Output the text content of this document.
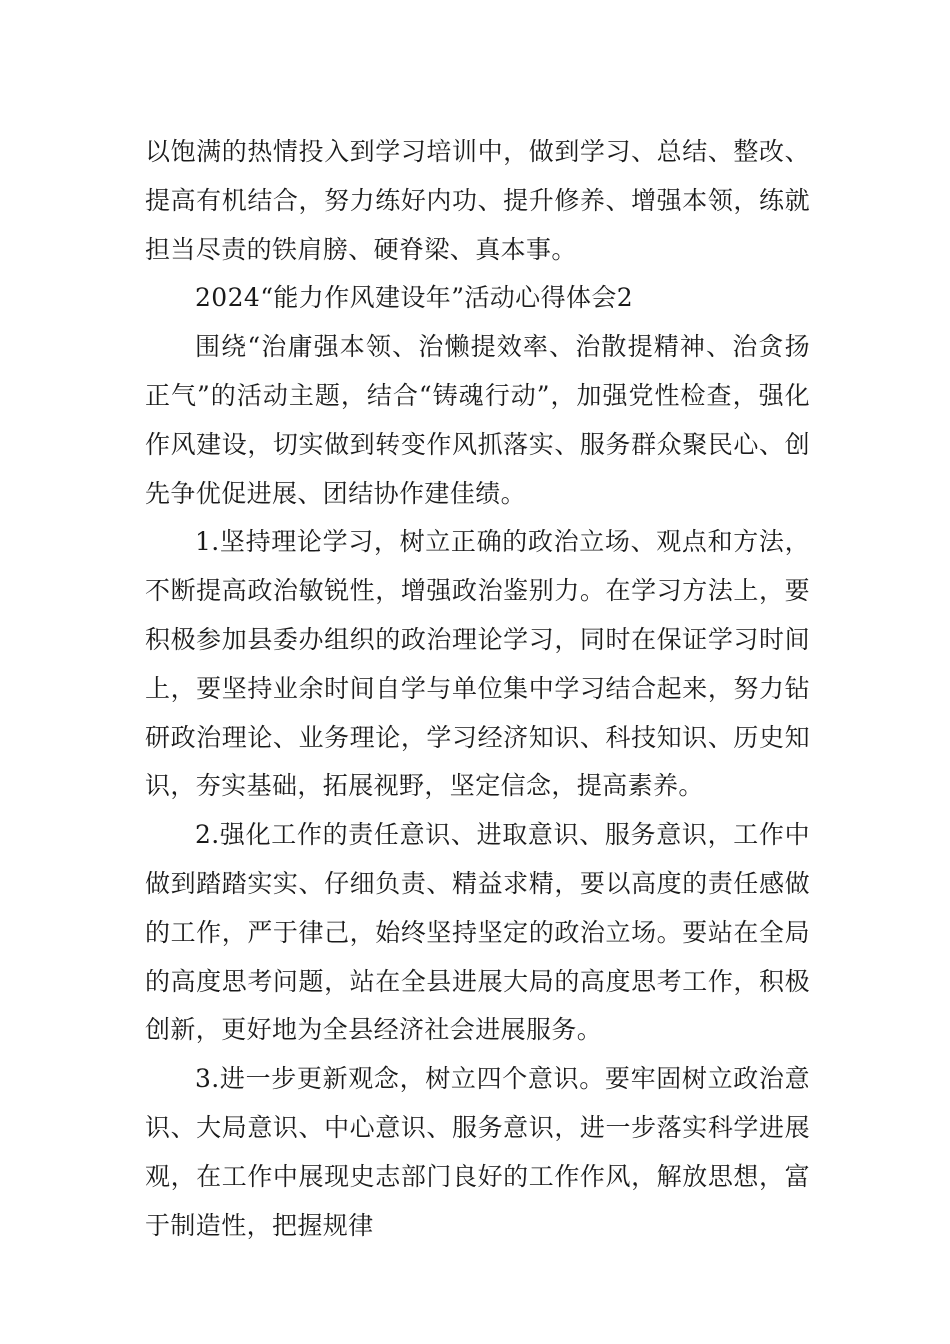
以饱满的热情投入到学习培训中，做到学习、总结、整改、提高有机结合，努力练好内功、提升修养、增强本领，练就担当尽责的铁肩膀、硬脊梁、真本事。

2024“能力作风建设年”活动心得体会2

围绕“治庸强本领、治懒提效率、治散提精神、治贪扬正气”的活动主题，结合“铸魂行动”，加强党性检查，强化作风建设，切实做到转变作风抓落实、服务群众聚民心、创先争优促进展、团结协作建佳绩。

1.坚持理论学习，树立正确的政治立场、观点和方法，不断提高政治敏锐性，增强政治鉴别力。在学习方法上，要积极参加县委办组织的政治理论学习，同时在保证学习时间上，要坚持业余时间自学与单位集中学习结合起来，努力钻研政治理论、业务理论，学习经济知识、科技知识、历史知识，夯实基础，拓展视野，坚定信念，提高素养。

2.强化工作的责任意识、进取意识、服务意识，工作中做到踏踏实实、仔细负责、精益求精，要以高度的责任感做的工作，严于律己，始终坚持坚定的政治立场。要站在全局的高度思考问题，站在全县进展大局的高度思考工作，积极创新，更好地为全县经济社会进展服务。

3.进一步更新观念，树立四个意识。要牢固树立政治意识、大局意识、中心意识、服务意识，进一步落实科学进展观，在工作中展现史志部门良好的工作作风，解放思想，富于制造性，把握规律
